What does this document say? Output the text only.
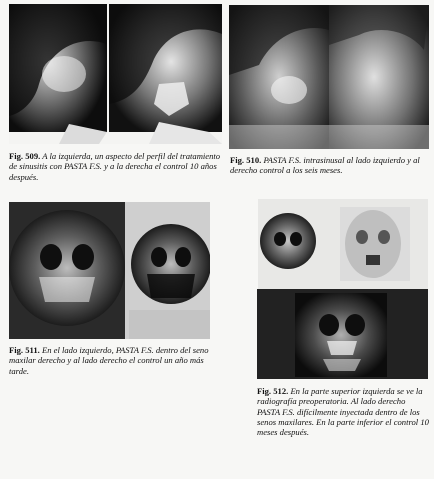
Fig. 509. A la izquierda, un aspecto del perfil del tratamiento de sinusitis con PASTA F.S. y a la derecha el control 10 años después.
Fig. 510. PASTA F.S. intrasinusal al lado izquierdo y al derecho control a los seis meses.
Fig. 511. En el lado izquierdo, PASTA F.S. dentro del seno maxilar derecho y al lado derecho el control un año más tarde.
Fig. 512. En la parte superior izquierda se ve la radiografía preoperatoria. Al lado derecho PASTA F.S. difícilmente inyectada dentro de los senos maxilares. En la parte inferior el control 10 meses después.
